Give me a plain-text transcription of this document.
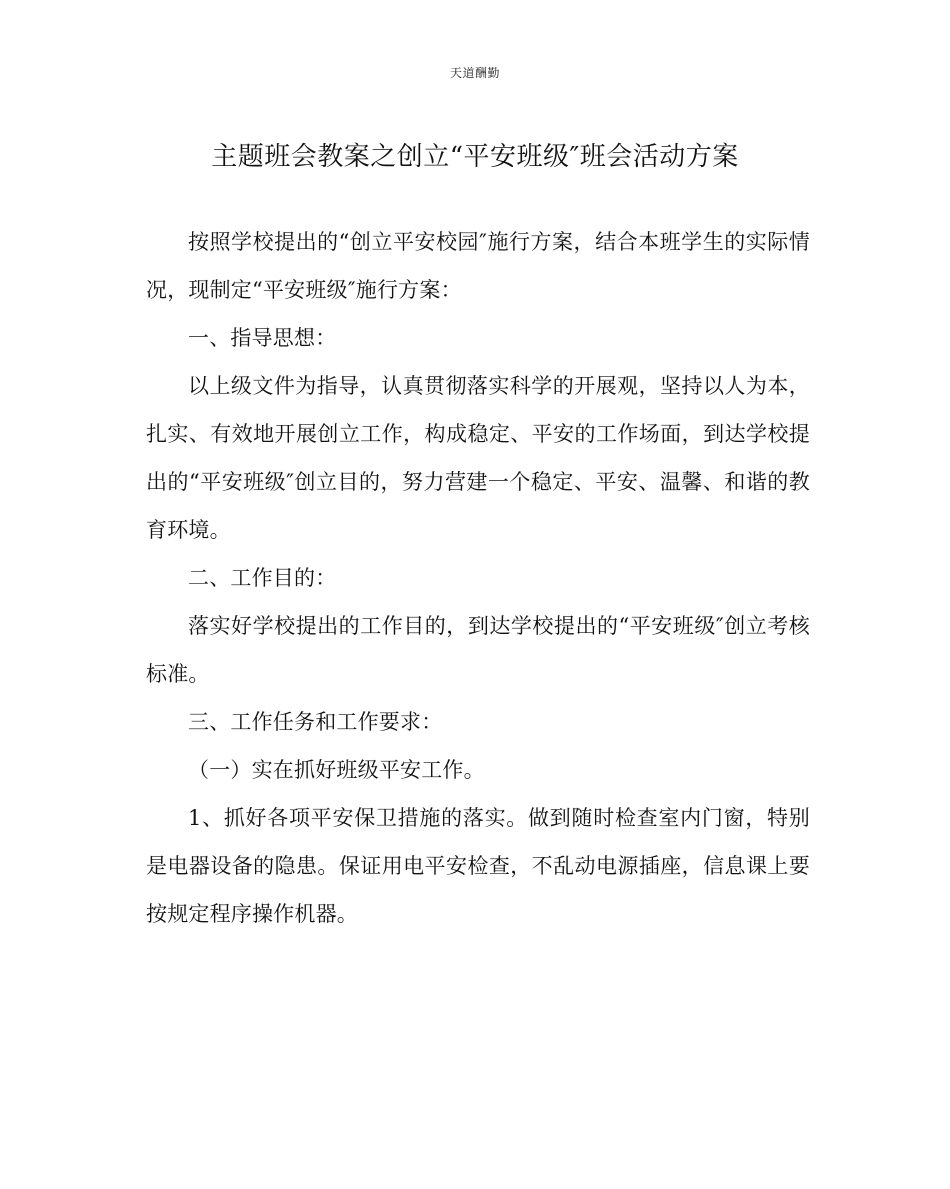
天道酬勤
主题班会教案之创立“平安班级″班会活动方案

按照学校提出的“创立平安校园″施行方案，结合本班学生的实际情况，现制定“平安班级″施行方案：

一、指导思想：

以上级文件为指导，认真贯彻落实科学的开展观，坚持以人为本，扎实、有效地开展创立工作，构成稳定、平安的工作场面，到达学校提出的“平安班级″创立目的，努力营建一个稳定、平安、温馨、和谐的教育环境。

二、工作目的：

落实好学校提出的工作目的，到达学校提出的“平安班级″创立考核标准。

三、工作任务和工作要求：

（一）实在抓好班级平安工作。

1、抓好各项平安保卫措施的落实。做到随时检查室内门窗，特别是电器设备的隐患。保证用电平安检查，不乱动电源插座，信息课上要按规定程序操作机器。
